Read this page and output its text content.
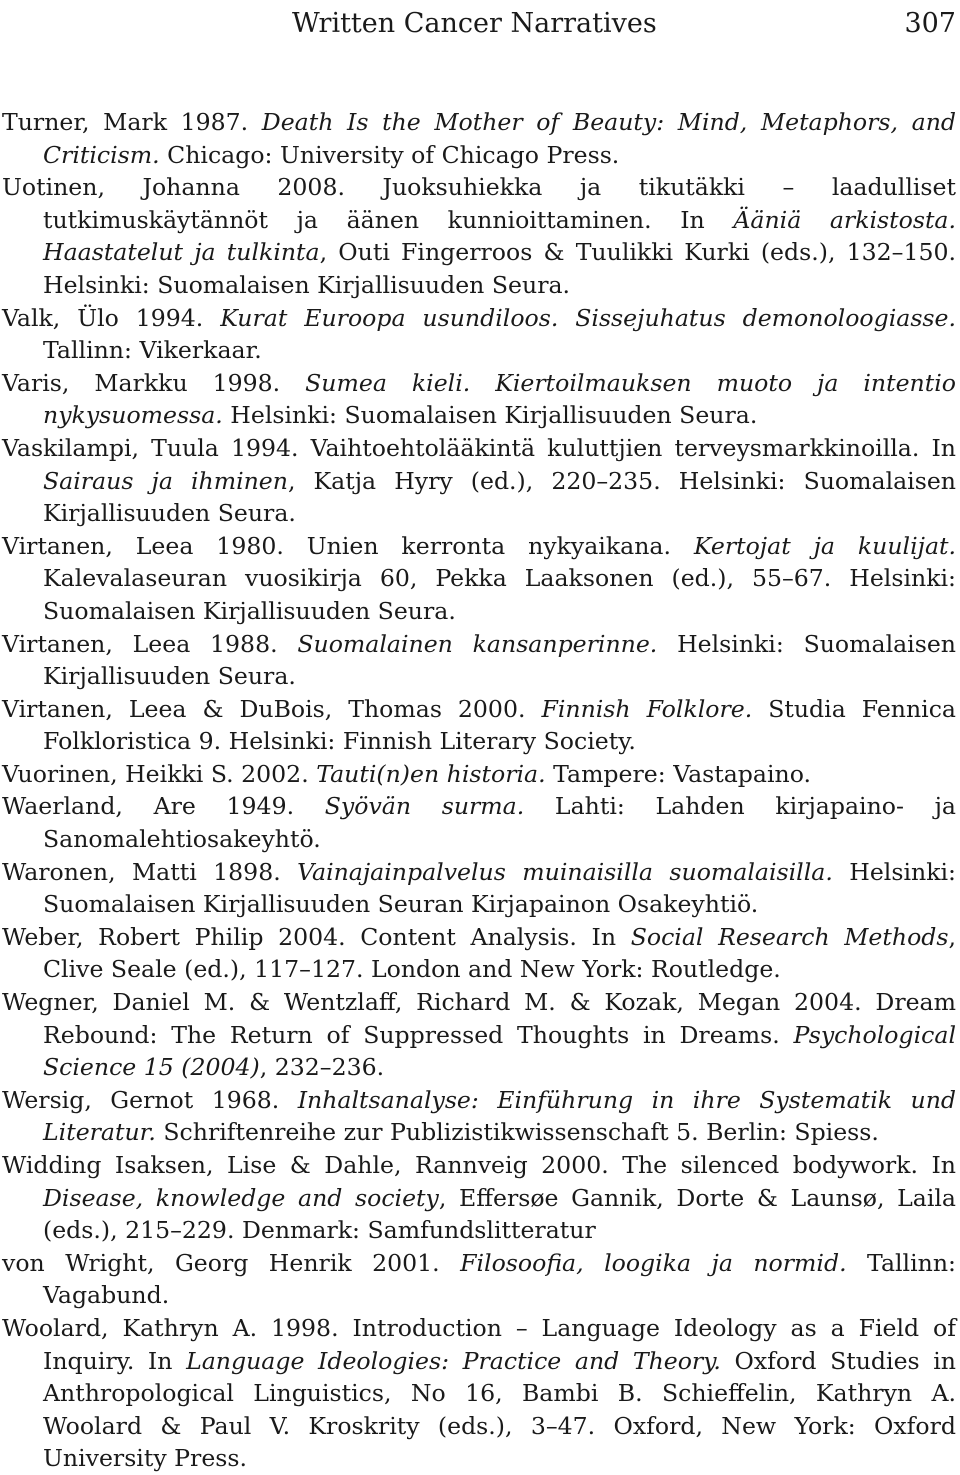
Written Cancer Narratives	307

Turner, Mark 1987. Death Is the Mother of Beauty: Mind, Metaphors, and Criticism. Chicago: University of Chicago Press.

Uotinen, Johanna 2008. Juoksuhiekka ja tikutäkki – laadulliset tutkimuskäytännöt ja äänen kunnioittaminen. In Ääniä arkistosta. Haastatelut ja tulkinta, Outi Fingerroos & Tuulikki Kurki (eds.), 132–150. Helsinki: Suomalaisen Kirjallisuuden Seura.

Valk, Ülo 1994. Kurat Euroopa usundiloos. Sissejuhatus demonoloogiasse. Tallinn: Vikerkaar.

Varis, Markku 1998. Sumea kieli. Kiertoilmauksen muoto ja intentio nykysuomessa. Helsinki: Suomalaisen Kirjallisuuden Seura.

Vaskilampi, Tuula 1994. Vaihtoehtolääkintä kuluttjien terveysmarkkinoilla. In Sairaus ja ihminen, Katja Hyry (ed.), 220–235. Helsinki: Suomalaisen Kirjallisuuden Seura.

Virtanen, Leea 1980. Unien kerronta nykyaikana. Kertojat ja kuulijat. Kalevalaseuran vuosikirja 60, Pekka Laaksonen (ed.), 55–67. Helsinki: Suomalaisen Kirjallisuuden Seura.

Virtanen, Leea 1988. Suomalainen kansanperinne. Helsinki: Suomalaisen Kirjallisuuden Seura.

Virtanen, Leea & DuBois, Thomas 2000. Finnish Folklore. Studia Fennica Folkloristica 9. Helsinki: Finnish Literary Society.

Vuorinen, Heikki S. 2002. Tauti(n)en historia. Tampere: Vastapaino.

Waerland, Are 1949. Syövän surma. Lahti: Lahden kirjapaino- ja Sanomalehtiosakeyhtö.

Waronen, Matti 1898. Vainajainpalvelus muinaisilla suomalaisilla. Helsinki: Suomalaisen Kirjallisuuden Seuran Kirjapainon Osakeyhtiö.

Weber, Robert Philip 2004. Content Analysis. In Social Research Methods, Clive Seale (ed.), 117–127. London and New York: Routledge.

Wegner, Daniel M. & Wentzlaff, Richard M. & Kozak, Megan 2004. Dream Rebound: The Return of Suppressed Thoughts in Dreams. Psychological Science 15 (2004), 232–236.

Wersig, Gernot 1968. Inhaltsanalyse: Einführung in ihre Systematik und Literatur. Schriftenreihe zur Publizistikwissenschaft 5. Berlin: Spiess.

Widding Isaksen, Lise & Dahle, Rannveig 2000. The silenced bodywork. In Disease, knowledge and society, Effersøe Gannik, Dorte & Launsø, Laila (eds.), 215–229. Denmark: Samfundslitteratur

von Wright, Georg Henrik 2001. Filosoofia, loogika ja normid. Tallinn: Vagabund.

Woolard, Kathryn A. 1998. Introduction – Language Ideology as a Field of Inquiry. In Language Ideologies: Practice and Theory. Oxford Studies in Anthropological Linguistics, No 16, Bambi B. Schieffelin, Kathryn A. Woolard & Paul V. Kroskrity (eds.), 3–47. Oxford, New York: Oxford University Press.
